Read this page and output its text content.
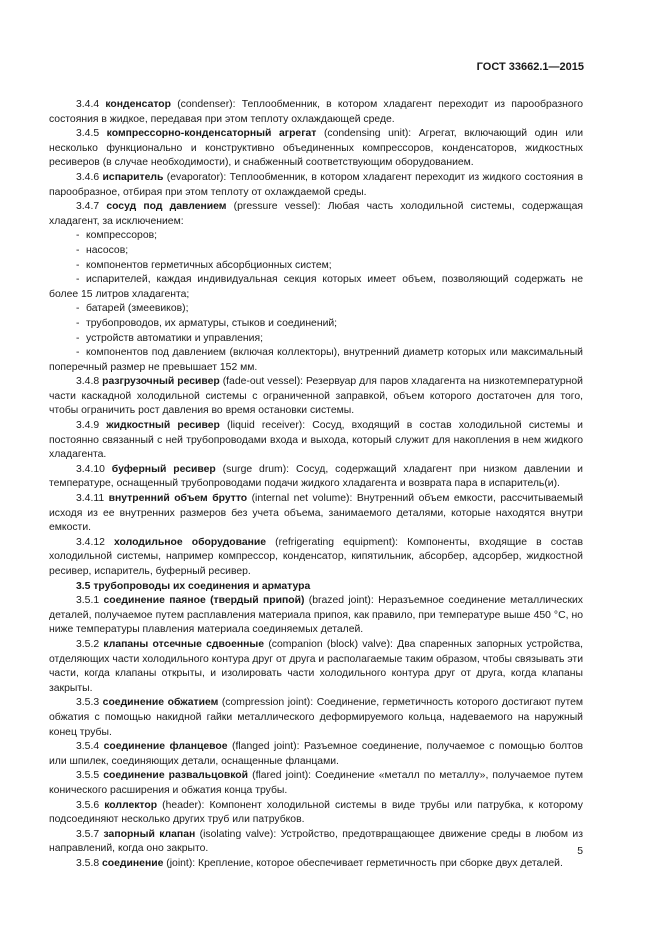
ГОСТ 33662.1—2015

3.4.4 конденсатор (condenser): Теплообменник, в котором хладагент переходит из парообразного состояния в жидкое, передавая при этом теплоту охлаждающей среде.

3.4.5 компрессорно-конденсаторный агрегат (condensing unit): Агрегат, включающий один или несколько функционально и конструктивно объединенных компрессоров, конденсаторов, жидкостных ресиверов (в случае необходимости), и снабженный соответствующим оборудованием.

3.4.6 испаритель (evaporator): Теплообменник, в котором хладагент переходит из жидкого состояния в парообразное, отбирая при этом теплоту от охлаждаемой среды.

3.4.7 сосуд под давлением (pressure vessel): Любая часть холодильной системы, содержащая хладагент, за исключением:

- компрессоров;

- насосов;

- компонентов герметичных абсорбционных систем;

- испарителей, каждая индивидуальная секция которых имеет объем, позволяющий содержать не более 15 литров хладагента;

- батарей (змеевиков);

- трубопроводов, их арматуры, стыков и соединений;

- устройств автоматики и управления;

- компонентов под давлением (включая коллекторы), внутренний диаметр которых или максимальный поперечный размер не превышает 152 мм.

3.4.8 разгрузочный ресивер (fade-out vessel): Резервуар для паров хладагента на низкотемпературной части каскадной холодильной системы с ограниченной заправкой, объем которого достаточен для того, чтобы ограничить рост давления во время остановки системы.

3.4.9 жидкостный ресивер (liquid receiver): Сосуд, входящий в состав холодильной системы и постоянно связанный с ней трубопроводами входа и выхода, который служит для накопления в нем жидкого хладагента.

3.4.10 буферный ресивер (surge drum): Сосуд, содержащий хладагент при низком давлении и температуре, оснащенный трубопроводами подачи жидкого хладагента и возврата пара в испаритель(и).

3.4.11 внутренний объем брутто (internal net volume): Внутренний объем емкости, рассчитываемый исходя из ее внутренних размеров без учета объема, занимаемого деталями, которые находятся внутри емкости.

3.4.12 холодильное оборудование (refrigerating equipment): Компоненты, входящие в состав холодильной системы, например компрессор, конденсатор, кипятильник, абсорбер, адсорбер, жидкостной ресивер, испаритель, буферный ресивер.

3.5 трубопроводы их соединения и арматура

3.5.1 соединение паяное (твердый припой) (brazed joint): Неразъемное соединение металлических деталей, получаемое путем расплавления материала припоя, как правило, при температуре выше 450 °С, но ниже температуры плавления материала соединяемых деталей.

3.5.2 клапаны отсечные сдвоенные (companion (block) valve): Два спаренных запорных устройства, отделяющих части холодильного контура друг от друга и располагаемые таким образом, чтобы связывать эти части, когда клапаны открыты, и изолировать части холодильного контура друг от друга, когда клапаны закрыты.

3.5.3 соединение обжатием (compression joint): Соединение, герметичность которого достигают путем обжатия с помощью накидной гайки металлического деформируемого кольца, надеваемого на наружный конец трубы.

3.5.4 соединение фланцевое (flanged joint): Разъемное соединение, получаемое с помощью болтов или шпилек, соединяющих детали, оснащенные фланцами.

3.5.5 соединение развальцовкой (flared joint): Соединение «металл по металлу», получаемое путем конического расширения и обжатия конца трубы.

3.5.6 коллектор (header): Компонент холодильной системы в виде трубы или патрубка, к которому подсоединяют несколько других труб или патрубков.

3.5.7 запорный клапан (isolating valve): Устройство, предотвращающее движение среды в любом из направлений, когда оно закрыто.

3.5.8 соединение (joint): Крепление, которое обеспечивает герметичность при сборке двух деталей.

5
